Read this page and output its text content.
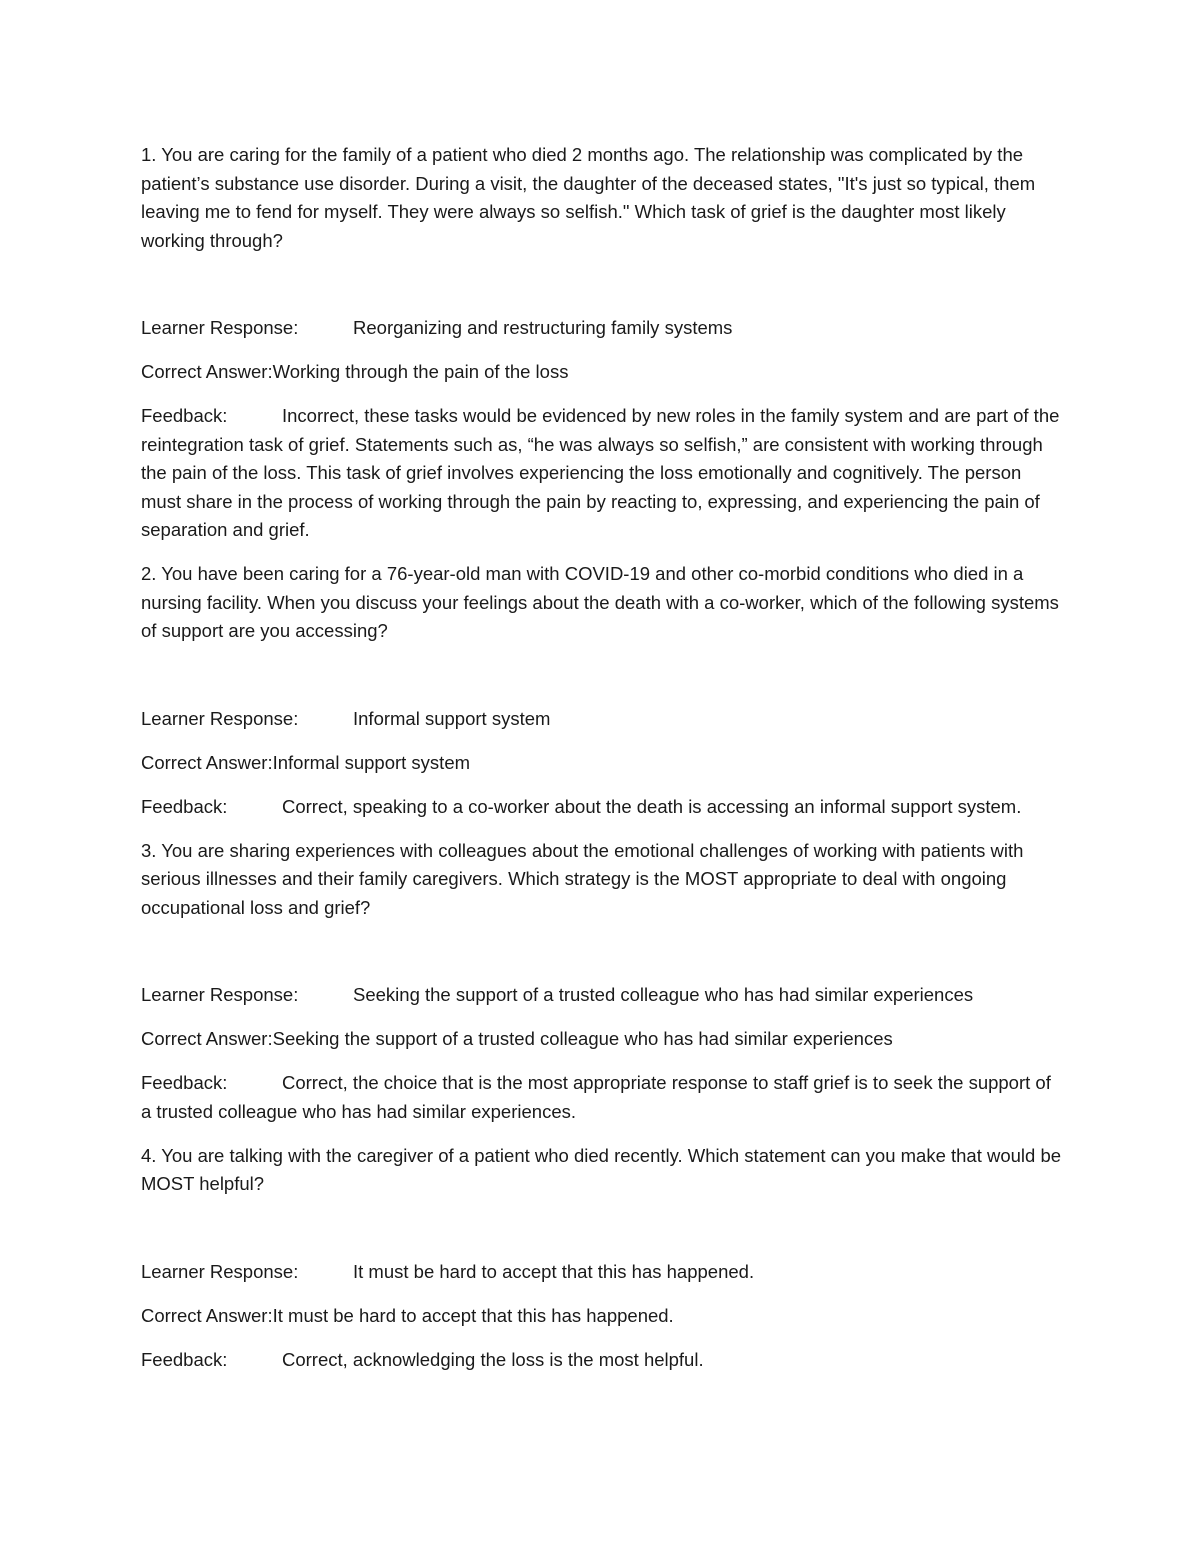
1. You are caring for the family of a patient who died 2 months ago. The relationship was complicated by the patient’s substance use disorder. During a visit, the daughter of the deceased states, "It's just so typical, them leaving me to fend for myself. They were always so selfish." Which task of grief is the daughter most likely working through?

Learner Response:	Reorganizing and restructuring family systems

Correct Answer:Working through the pain of the loss

Feedback:	Incorrect, these tasks would be evidenced by new roles in the family system and are part of the reintegration task of grief. Statements such as, “he was always so selfish,” are consistent with working through the pain of the loss. This task of grief involves experiencing the loss emotionally and cognitively. The person must share in the process of working through the pain by reacting to, expressing, and experiencing the pain of separation and grief.

2. You have been caring for a 76-year-old man with COVID-19 and other co-morbid conditions who died in a nursing facility. When you discuss your feelings about the death with a co-worker, which of the following systems of support are you accessing?

Learner Response:	Informal support system

Correct Answer:Informal support system

Feedback:	Correct, speaking to a co-worker about the death is accessing an informal support system.

3. You are sharing experiences with colleagues about the emotional challenges of working with patients with serious illnesses and their family caregivers. Which strategy is the MOST appropriate to deal with ongoing occupational loss and grief?

Learner Response:	Seeking the support of a trusted colleague who has had similar experiences

Correct Answer:Seeking the support of a trusted colleague who has had similar experiences

Feedback:	Correct, the choice that is the most appropriate response to staff grief is to seek the support of a trusted colleague who has had similar experiences.

4. You are talking with the caregiver of a patient who died recently. Which statement can you make that would be MOST helpful?

Learner Response:	It must be hard to accept that this has happened.

Correct Answer:It must be hard to accept that this has happened.

Feedback:	Correct, acknowledging the loss is the most helpful.
